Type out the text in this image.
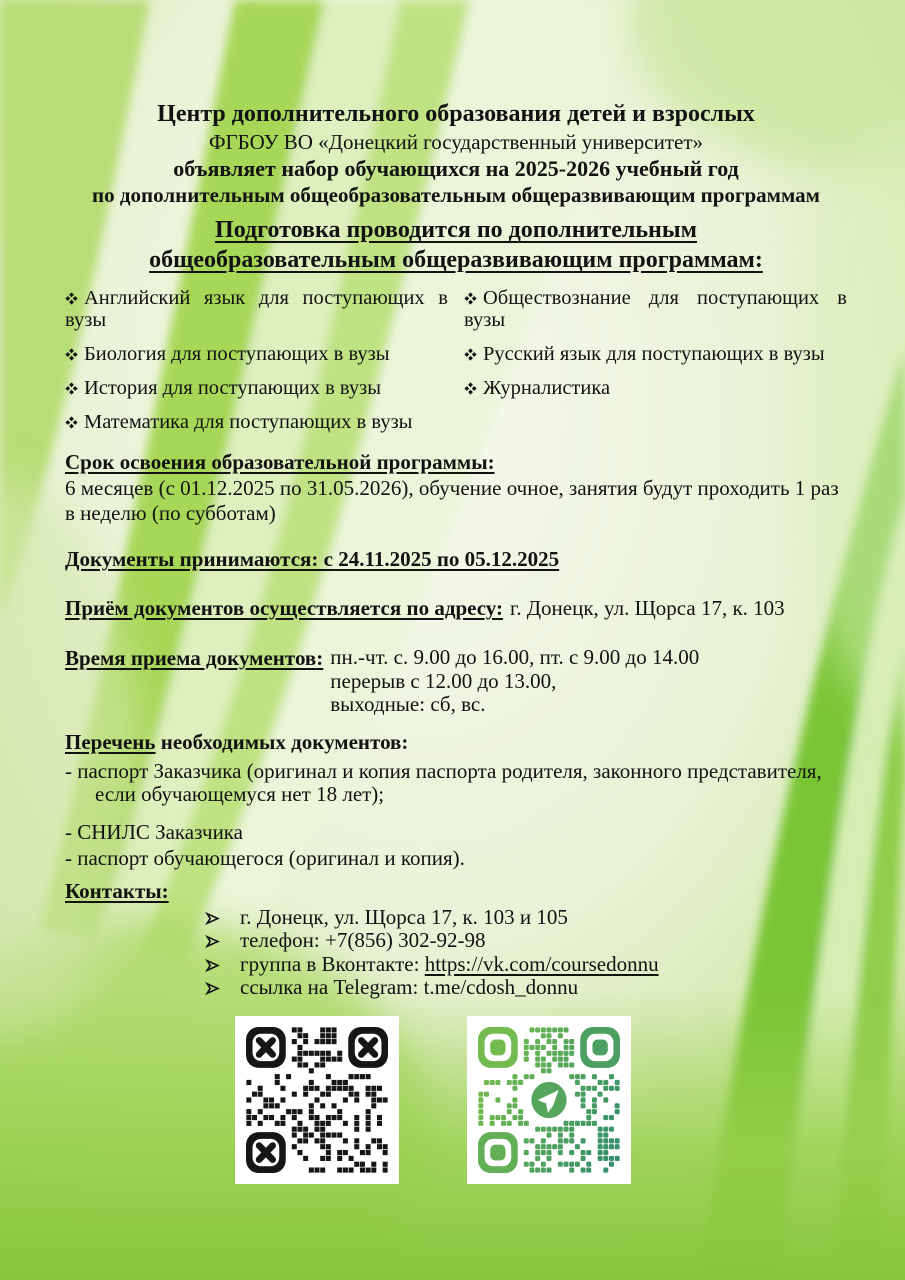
Центр дополнительного образования детей и взрослых
ФГБОУ ВО «Донецкий государственный университет»
объявляет набор обучающихся на 2025-2026 учебный год
по дополнительным общеобразовательным общеразвивающим программам
Подготовка проводится по дополнительным
общеобразовательным общеразвивающим программам:
Английский язык для поступающих в вузы
Биология для поступающих в вузы
История для поступающих в вузы
Математика для поступающих в вузы
Обществознание для поступающих в вузы
Русский язык для поступающих в вузы
Журналистика
Срок освоения образовательной программы:
6 месяцев (с 01.12.2025 по 31.05.2026), обучение очное, занятия будут проходить 1 раз в неделю (по субботам)
Документы принимаются: с 24.11.2025 по 05.12.2025
Приём документов осуществляется по адресу: г. Донецк, ул. Щорса 17, к. 103
Время приема документов: пн.-чт. с. 9.00 до 16.00, пт. с 9.00 до 14.00
перерыв с 12.00 до 13.00,
выходные: сб, вс.
Перечень необходимых документов:
- паспорт Заказчика (оригинал и копия паспорта родителя, законного представителя, если обучающемуся нет 18 лет);
- СНИЛС Заказчика
- паспорт обучающегося (оригинал и копия).
Контакты:
г. Донецк, ул. Щорса 17, к. 103 и 105
телефон: +7(856) 302-92-98
группа в Вконтакте: https://vk.com/coursedonnu
ссылка на Telegram: t.me/cdosh_donnu
